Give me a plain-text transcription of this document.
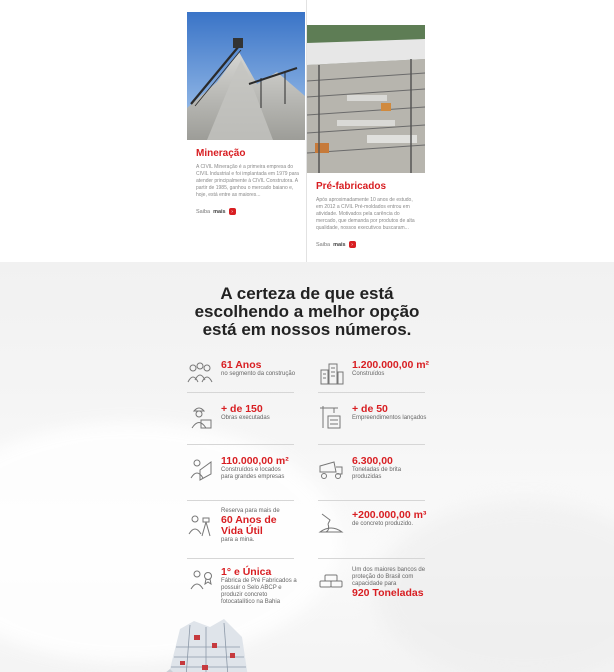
Mineração

A CIVIL Mineração é a primeira empresa do CIVIL Industrial e foi implantada em 1979 para atender principalmente à CIVIL Construtora. A partir de 1985, ganhou o mercado baiano e, hoje, está entre as maiores...

Saiba mais	›
Pré-fabricados

Após aproximadamente 10 anos de estudo, em 2012 a CIVIL Pré-moldados entrou em atividade. Motivados pela carência do mercado, que demanda por produtos de alta qualidade, nossos executivos buscaram...

Saiba mais	›
A certeza de que está
escolhendo a melhor opção
está em nossos números.
61 Anos
no segmento da construção
1.200.000,00 m²
Construídos
+ de 150
Obras executadas
+ de 50
Empreendimentos lançados
110.000,00 m²
Construídos e locados para grandes empresas
6.300,00
Toneladas de brita produzidas
Reserva para mais de
60 Anos de Vida Útil
para a mina.
+200.000,00 m³
de concreto produzido.
1° e Única
Fábrica de Pré Fabricados a possuir o Selo ABCP e produzir concreto fotocatalítico na Bahia
Um dos maiores bancos de proteção do Brasil com capacidade para
920 Toneladas
